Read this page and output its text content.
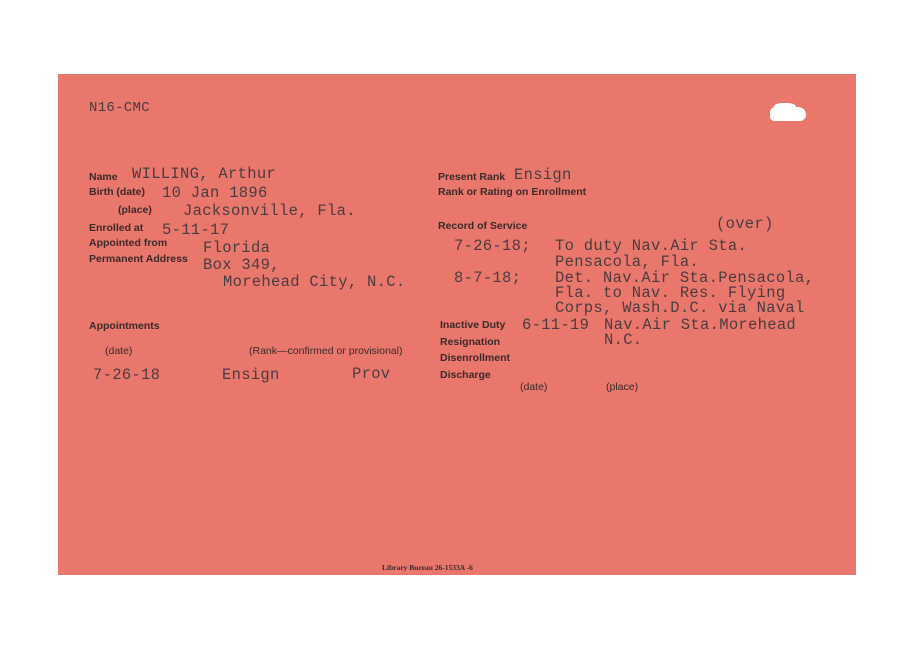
N16-CMC
Name WILLING, Arthur
Birth (date) 10 Jan 1896
(place) Jacksonville, Fla.
Enrolled at 5-11-17
Appointed from Florida
Permanent Address Box 349,
Morehead City, N.C.
Appointments
(date)	(Rank—confirmed or provisional)
7-26-18	Ensign	Prov
Present Rank Ensign
Rank or Rating on Enrollment
Record of Service	(over)
7-26-18; To duty Nav.Air Sta.
Pensacola, Fla.
8-7-18; Det. Nav.Air Sta.Pensacola,
Fla. to Nav. Res. Flying
Corps, Wash.D.C. via Naval
Inactive Duty 6-11-19 Nav.Air Sta.Morehead
N.C.
Resignation
Disenrollment
Discharge
(date)	(place)
Library Bureau 26-1533A -6
